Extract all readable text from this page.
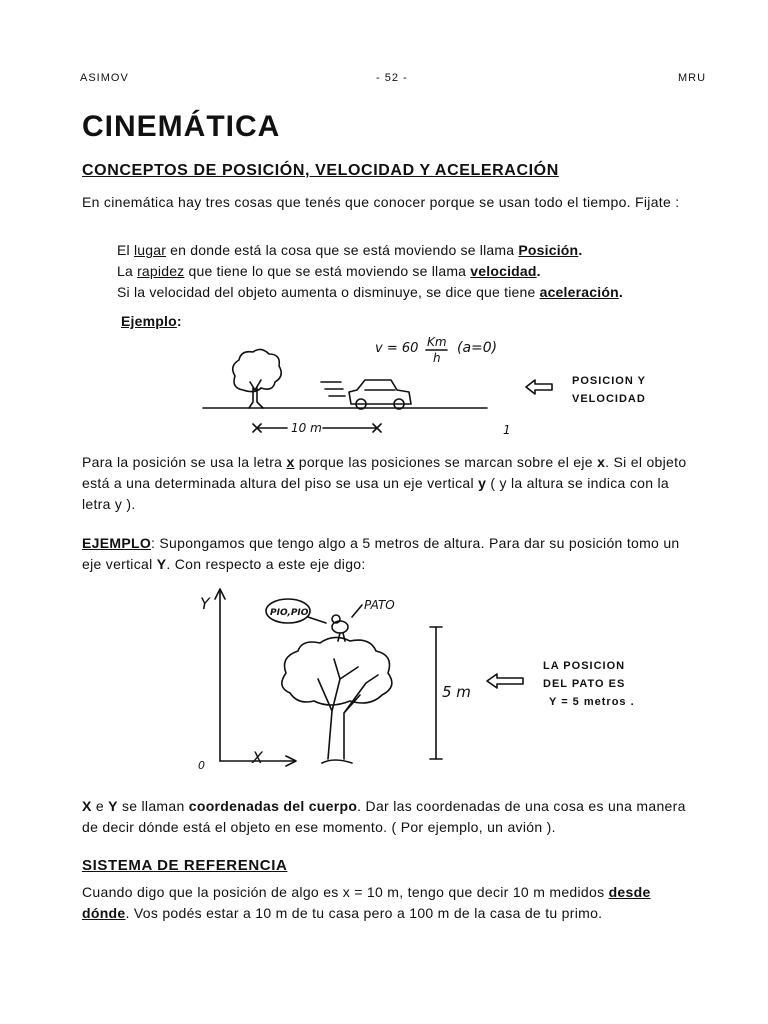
ASIMOV	- 52 -	MRU
CINEMÁTICA
CONCEPTOS DE POSICIÓN, VELOCIDAD Y ACELERACIÓN

En cinemática hay tres cosas que tenés que conocer porque se usan todo el tiempo. Fijate :

El lugar en donde está la cosa que se está moviendo se llama Posición.

La rapidez que tiene lo que se está moviendo se llama velocidad.

Si la velocidad del objeto aumenta o disminuye, se dice que tiene aceleración.

Ejemplo:

v = 60 Km
h
(a=0)
10 m	1
POSICION Y
VELOCIDAD

Para la posición se usa la letra x porque las posiciones se marcan sobre el eje x. Si el objeto está a una determinada altura del piso se usa un eje vertical y ( y la altura se indica con la letra y ).

EJEMPLO: Supongamos que tengo algo a 5 metros de altura. Para dar su posición tomo un eje vertical Y. Con respecto a este eje digo:

Y
X
0
PIO,PIO
PATO
5 m
LA POSICION
DEL PATO ES
Y = 5 metros .

X e Y se llaman coordenadas del cuerpo. Dar las coordenadas de una cosa es una manera de decir dónde está el objeto en ese momento. ( Por ejemplo, un avión ).

SISTEMA DE REFERENCIA

Cuando digo que la posición de algo es x = 10 m, tengo que decir 10 m medidos desde dónde. Vos podés estar a 10 m de tu casa pero a 100 m de la casa de tu primo.
